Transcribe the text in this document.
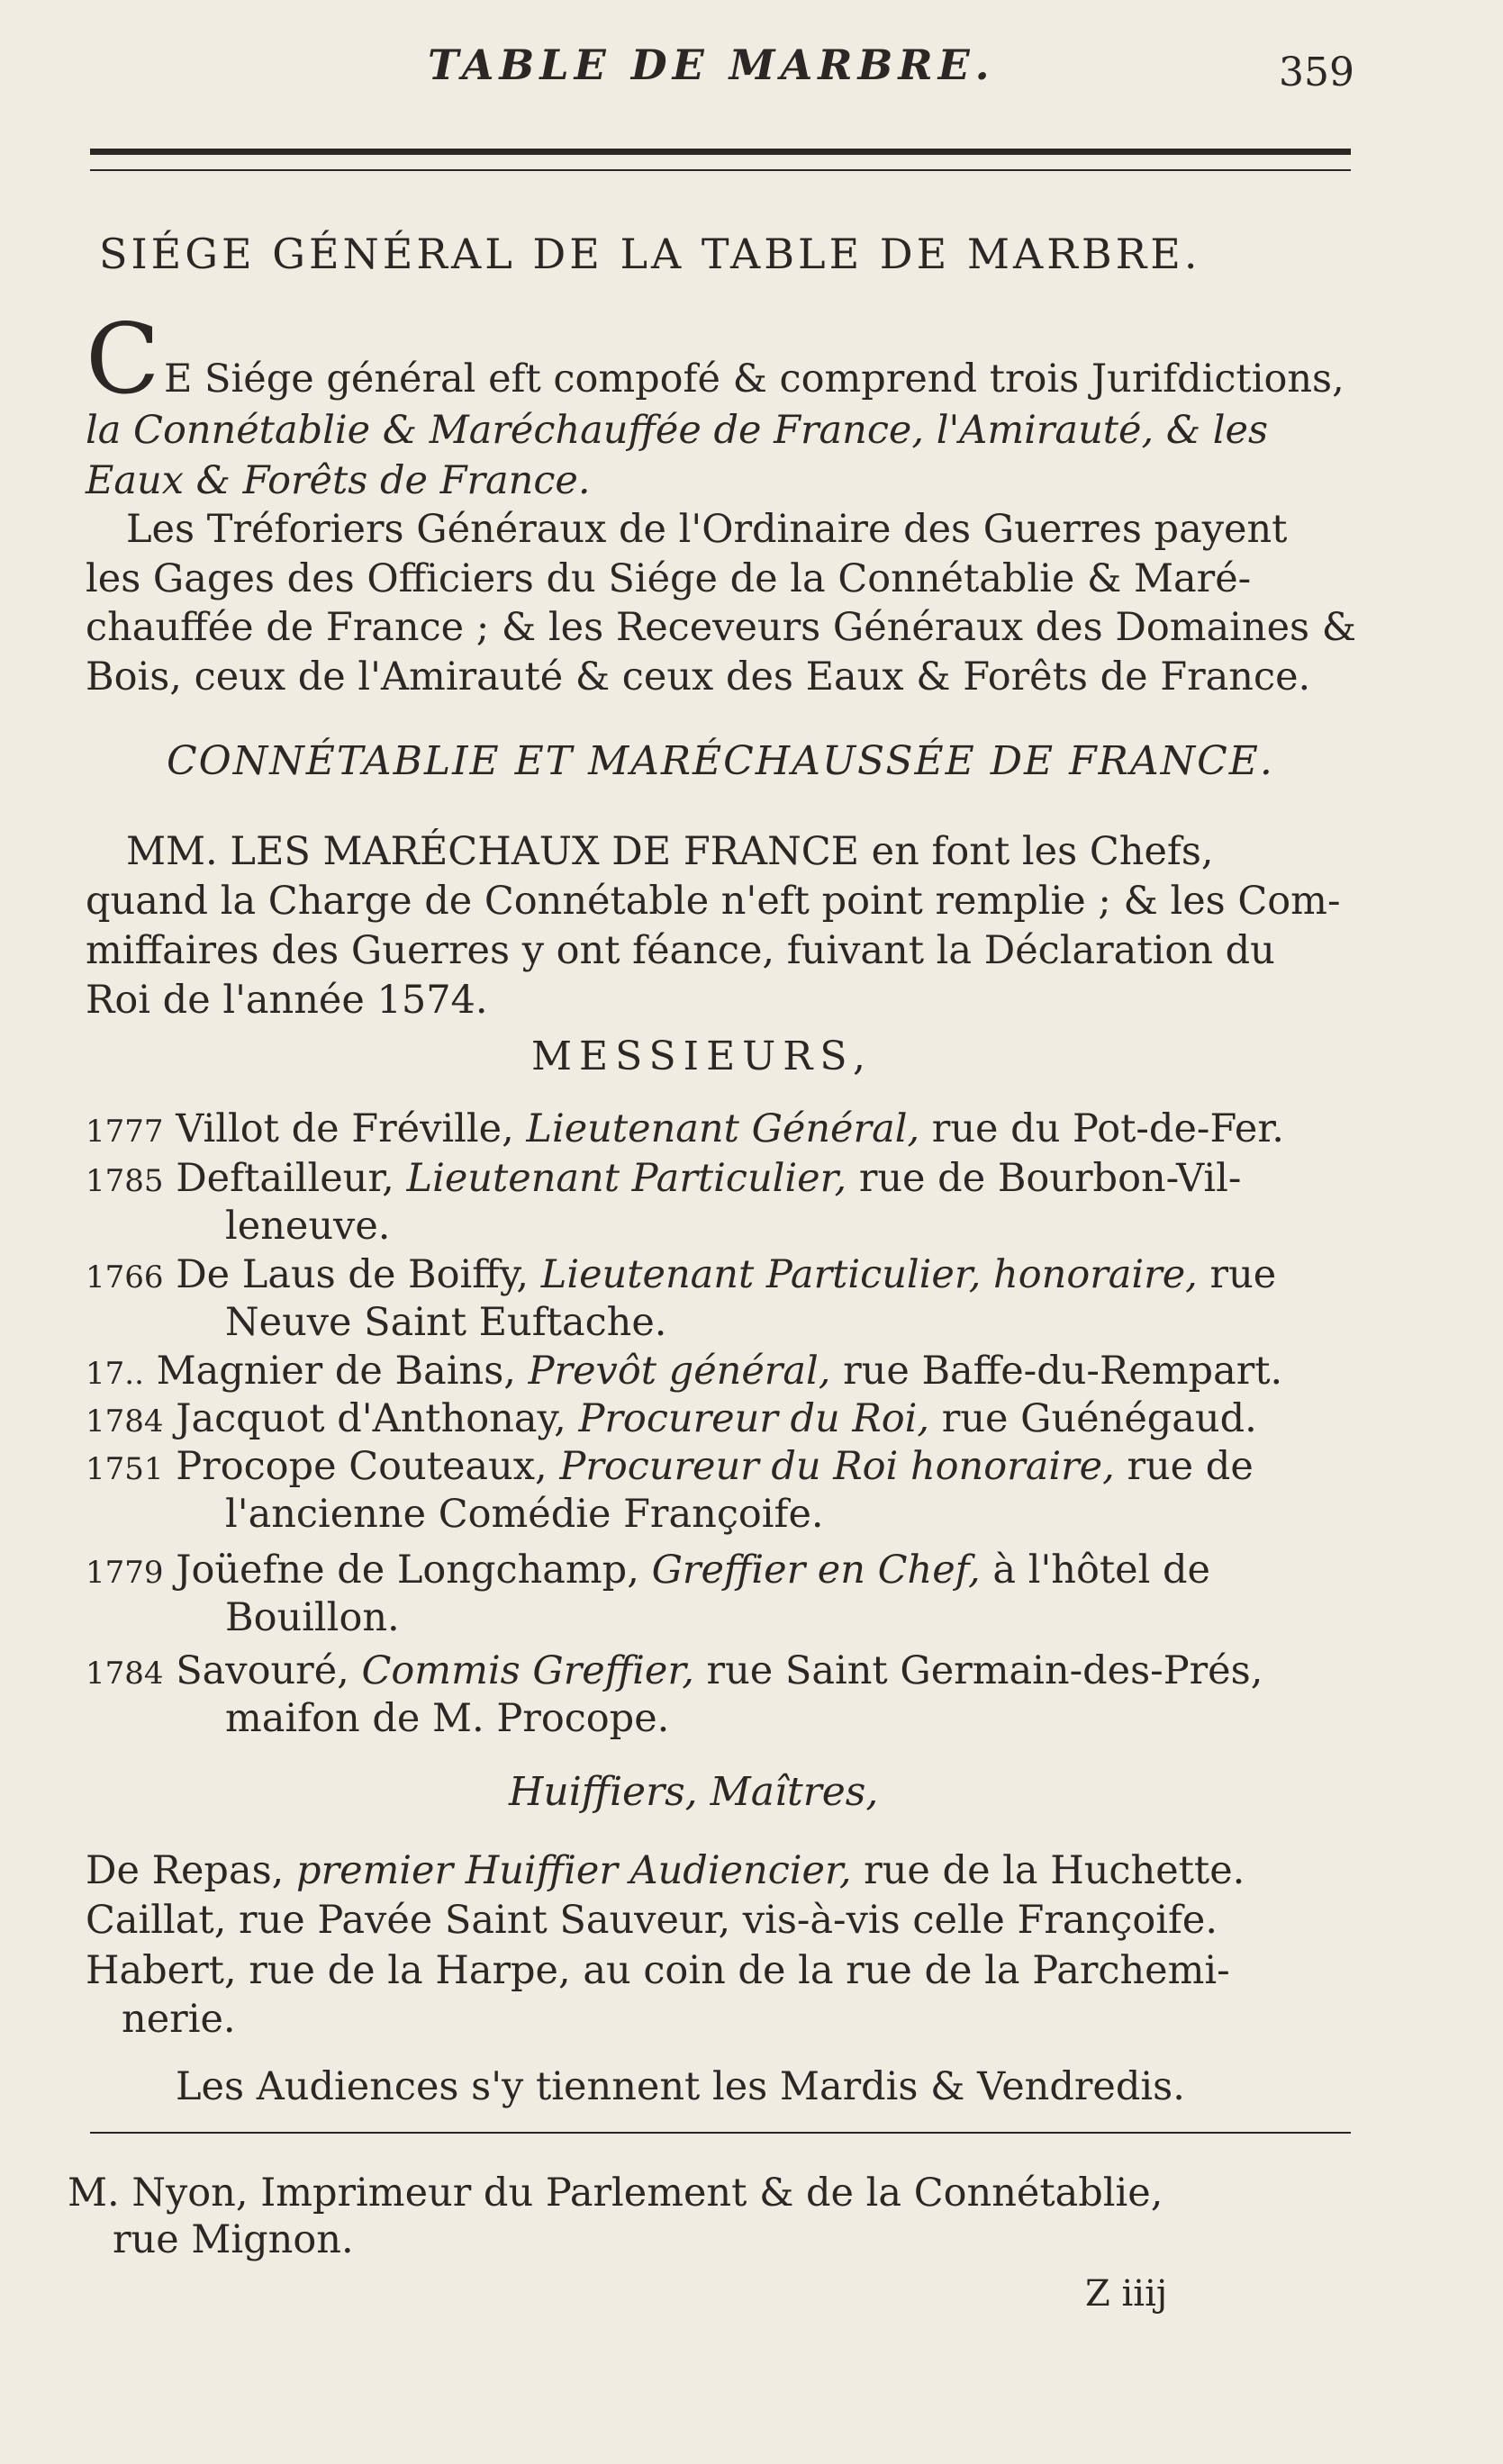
TABLE DE MARBRE.	359
SIÉGE GÉNÉRAL DE LA TABLE DE MARBRE.
C E Siége général eft compofé & comprend trois Jurifdictions,
la Connétablie & Maréchauffée de France, l'Amirauté, & les
Eaux & Forêts de France.
Les Tréforiers Généraux de l'Ordinaire des Guerres payent
les Gages des Officiers du Siége de la Connétablie & Maré-
chauffée de France ; & les Receveurs Généraux des Domaines &
Bois, ceux de l'Amirauté & ceux des Eaux & Forêts de France.
CONNÉTABLIE ET MARÉCHAUSSÉE DE FRANCE.
MM. LES MARÉCHAUX DE FRANCE en font les Chefs,
quand la Charge de Connétable n'eft point remplie ; & les Com-
miffaires des Guerres y ont féance, fuivant la Déclaration du
Roi de l'année 1574.
MESSIEURS,
1777 Villot de Fréville, Lieutenant Général, rue du Pot-de-Fer.
1785 Deftailleur, Lieutenant Particulier, rue de Bourbon-Vil-
leneuve.
1766 De Laus de Boiffy, Lieutenant Particulier, honoraire, rue
Neuve Saint Euftache.
17.. Magnier de Bains, Prevôt général, rue Baffe-du-Rempart.
1784 Jacquot d'Anthonay, Procureur du Roi, rue Guénégaud.
1751 Procope Couteaux, Procureur du Roi honoraire, rue de
l'ancienne Comédie Françoife.
1779 Joüefne de Longchamp, Greffier en Chef, à l'hôtel de
Bouillon.
1784 Savouré, Commis Greffier, rue Saint Germain-des-Prés,
maifon de M. Procope.
Huiffiers, Maîtres,
De Repas, premier Huiffier Audiencier, rue de la Huchette.
Caillat, rue Pavée Saint Sauveur, vis-à-vis celle Françoife.
Habert, rue de la Harpe, au coin de la rue de la Parchemi-
nerie.
Les Audiences s'y tiennent les Mardis & Vendredis.
M. Nyon, Imprimeur du Parlement & de la Connétablie,
rue Mignon.
Z iiij
